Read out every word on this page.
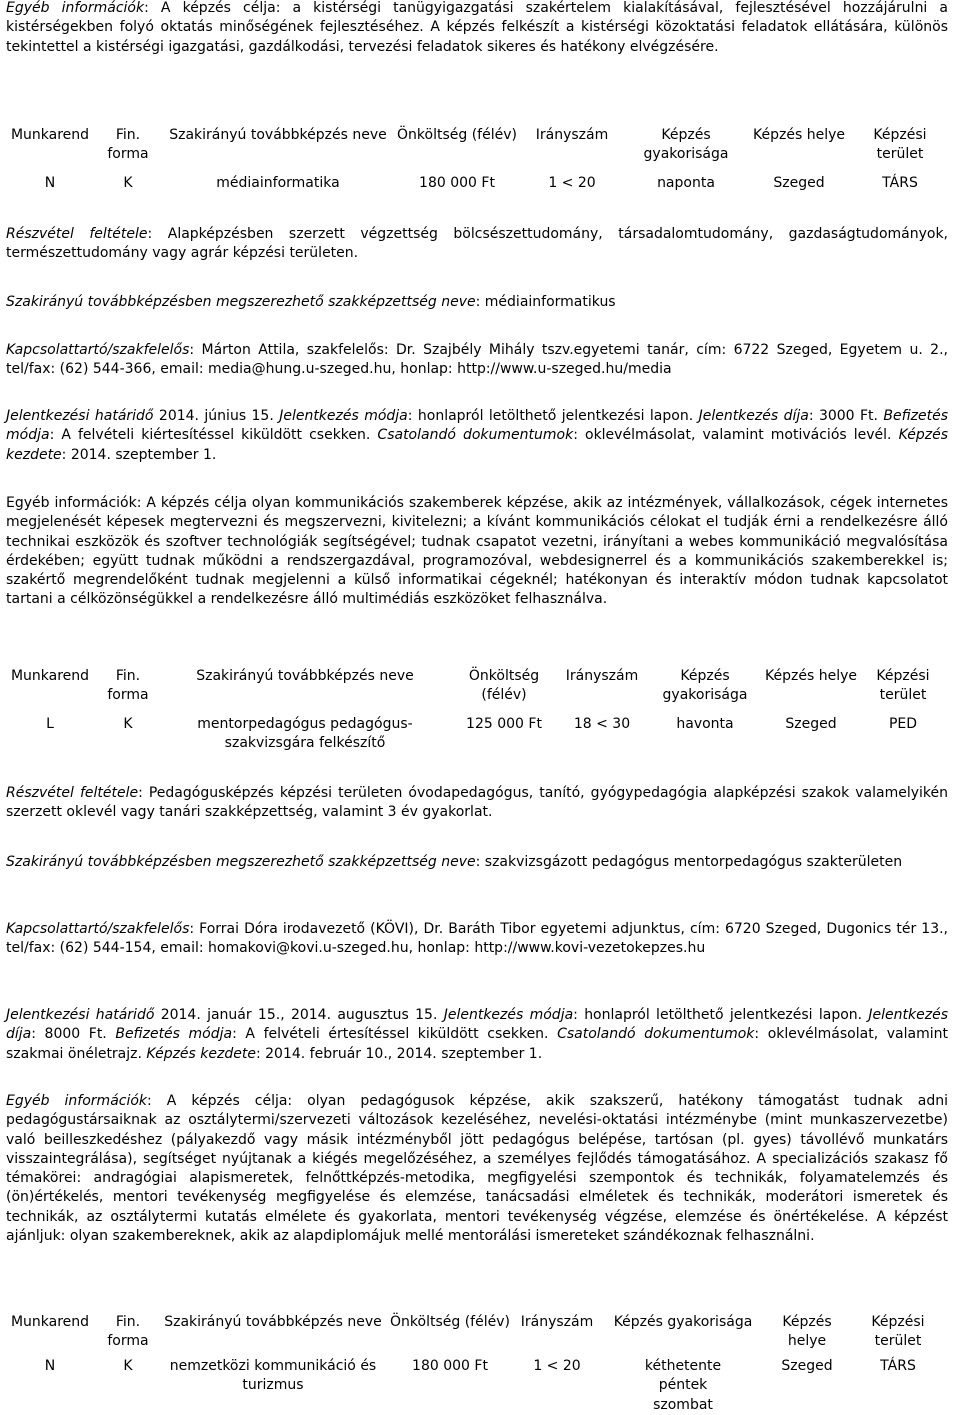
Egyéb információk: A képzés célja: a kistérségi tanügyigazgatási szakértelem kialakításával, fejlesztésével hozzájárulni a kistérségekben folyó oktatás minőségének fejlesztéséhez. A képzés felkészít a kistérségi közoktatási feladatok ellátására, különös tekintettel a kistérségi igazgatási, gazdálkodási, tervezési feladatok sikeres és hatékony elvégzésére.

Munkarend	Fin. forma	Szakirányú továbbképzés neve	Önköltség (félév)	Irányszám	Képzés gyakorisága	Képzés helye	Képzési terület
N	K	médiainformatika	180 000 Ft	1 < 20	naponta	Szeged	TÁRS

Részvétel feltétele: Alapképzésben szerzett végzettség bölcsészettudomány, társadalomtudomány, gazdaságtudományok, természettudomány vagy agrár képzési területen.

Szakirányú továbbképzésben megszerezhető szakképzettség neve: médiainformatikus

Kapcsolattartó/szakfelelős: Márton Attila, szakfelelős: Dr. Szajbély Mihály tszv.egyetemi tanár, cím: 6722 Szeged, Egyetem u. 2., tel/fax: (62) 544-366, email: media@hung.u-szeged.hu, honlap: http://www.u-szeged.hu/media

Jelentkezési határidő 2014. június 15. Jelentkezés módja: honlapról letölthető jelentkezési lapon. Jelentkezés díja: 3000 Ft. Befizetés módja: A felvételi kiértesítéssel kiküldött csekken. Csatolandó dokumentumok: oklevélmásolat, valamint motivációs levél. Képzés kezdete: 2014. szeptember 1.

Egyéb információk: A képzés célja olyan kommunikációs szakemberek képzése, akik az intézmények, vállalkozások, cégek internetes megjelenését képesek megtervezni és megszervezni, kivitelezni; a kívánt kommunikációs célokat el tudják érni a rendelkezésre álló technikai eszközök és szoftver technológiák segítségével; tudnak csapatot vezetni, irányítani a webes kommunikáció megvalósítása érdekében; együtt tudnak működni a rendszergazdával, programozóval, webdesignerrel és a kommunikációs szakemberekkel is; szakértő megrendelőként tudnak megjelenni a külső informatikai cégeknél; hatékonyan és interaktív módon tudnak kapcsolatot tartani a célközönségükkel a rendelkezésre álló multimédiás eszközöket felhasználva.

Munkarend	Fin. forma	Szakirányú továbbképzés neve	Önköltség (félév)	Irányszám	Képzés gyakorisága	Képzés helye	Képzési terület
L	K	mentorpedagógus pedagógus-szakvizsgára felkészítő	125 000 Ft	18 < 30	havonta	Szeged	PED

Részvétel feltétele: Pedagógusképzés képzési területen óvodapedagógus, tanító, gyógypedagógia alapképzési szakok valamelyikén szerzett oklevél vagy tanári szakképzettség, valamint 3 év gyakorlat.

Szakirányú továbbképzésben megszerezhető szakképzettség neve: szakvizsgázott pedagógus mentorpedagógus szakterületen

Kapcsolattartó/szakfelelős: Forrai Dóra irodavezető (KÖVI), Dr. Baráth Tibor egyetemi adjunktus, cím: 6720 Szeged, Dugonics tér 13., tel/fax: (62) 544-154, email: homakovi@kovi.u-szeged.hu, honlap: http://www.kovi-vezetokepzes.hu

Jelentkezési határidő 2014. január 15., 2014. augusztus 15. Jelentkezés módja: honlapról letölthető jelentkezési lapon. Jelentkezés díja: 8000 Ft. Befizetés módja: A felvételi értesítéssel kiküldött csekken. Csatolandó dokumentumok: oklevélmásolat, valamint szakmai önéletrajz. Képzés kezdete: 2014. február 10., 2014. szeptember 1.

Egyéb információk: A képzés célja: olyan pedagógusok képzése, akik szakszerű, hatékony támogatást tudnak adni pedagógustársaiknak az osztálytermi/szervezeti változások kezeléséhez, nevelési-oktatási intézménybe (mint munkaszervezetbe) való beilleszkedéshez (pályakezdő vagy másik intézményből jött pedagógus belépése, tartósan (pl. gyes) távollévő munkatárs visszaintegrálása), segítséget nyújtanak a kiégés megelőzéséhez, a személyes fejlődés támogatásához. A specializációs szakasz fő témakörei: andragógiai alapismeretek, felnőttképzés-metodika, megfigyelési szempontok és technikák, folyamatelemzés és (ön)értékelés, mentori tevékenység megfigyelése és elemzése, tanácsadási elméletek és technikák, moderátori ismeretek és technikák, az osztálytermi kutatás elmélete és gyakorlata, mentori tevékenység végzése, elemzése és önértékelése. A képzést ajánljuk: olyan szakembereknek, akik az alapdiplomájuk mellé mentorálási ismereteket szándékoznak felhasználni.

Munkarend	Fin. forma	Szakirányú továbbképzés neve	Önköltség (félév)	Irányszám	Képzés gyakorisága	Képzés helye	Képzési terület
N	K	nemzetközi kommunikáció és turizmus	180 000 Ft	1 < 20	kéthetente péntek szombat	Szeged	TÁRS
